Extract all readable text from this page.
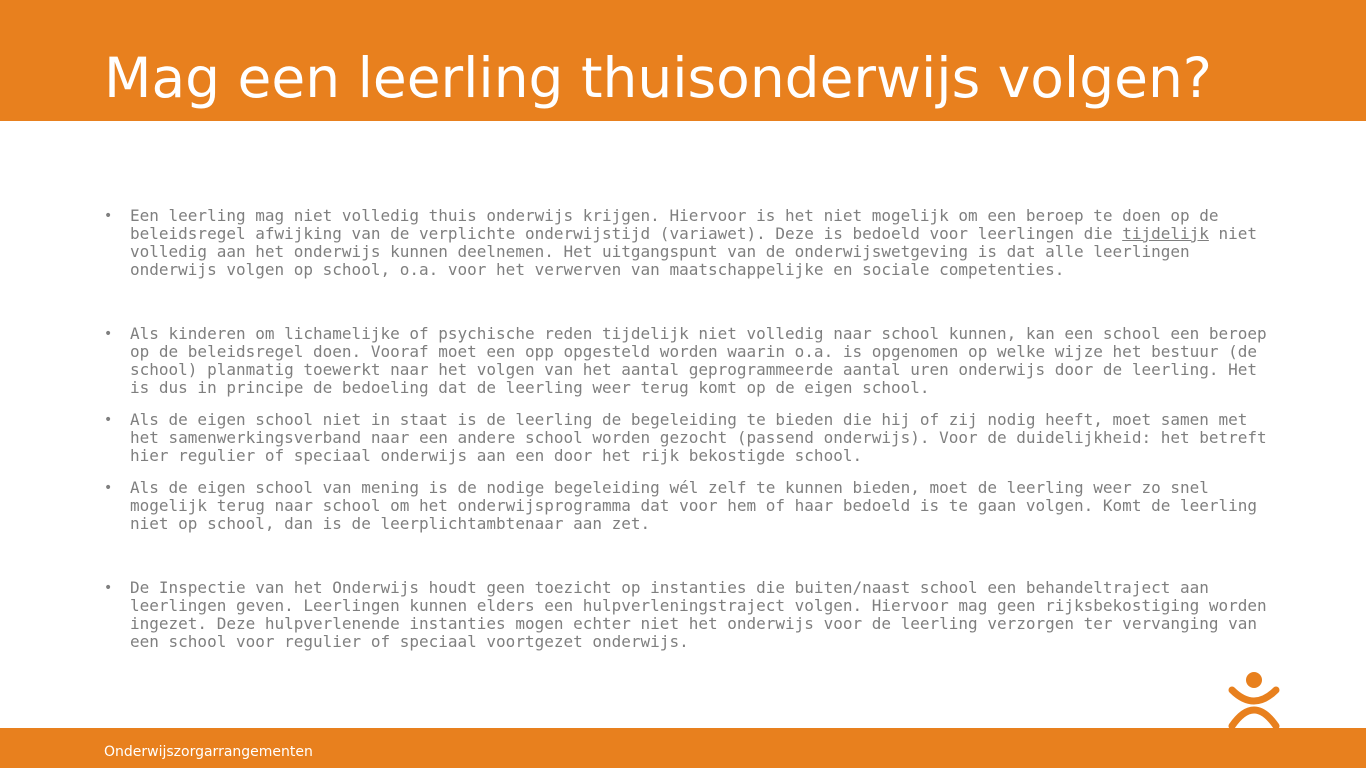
Mag een leerling thuisonderwijs volgen?
• Een leerling mag niet volledig thuis onderwijs krijgen. Hiervoor is het niet mogelijk om een beroep te doen op de beleidsregel afwijking van de verplichte onderwijstijd (variawet). Deze is bedoeld voor leerlingen die tijdelijk niet volledig aan het onderwijs kunnen deelnemen. Het uitgangspunt van de onderwijswetgeving is dat alle leerlingen onderwijs volgen op school, o.a. voor het verwerven van maatschappelijke en sociale competenties.
• Als kinderen om lichamelijke of psychische reden tijdelijk niet volledig naar school kunnen, kan een school een beroep op de beleidsregel doen. Vooraf moet een opp opgesteld worden waarin o.a. is opgenomen op welke wijze het bestuur (de school) planmatig toewerkt naar het volgen van het aantal geprogrammeerde aantal uren onderwijs door de leerling. Het is dus in principe de bedoeling dat de leerling weer terug komt op de eigen school.
• Als de eigen school niet in staat is de leerling de begeleiding te bieden die hij of zij nodig heeft, moet samen met het samenwerkingsverband naar een andere school worden gezocht (passend onderwijs). Voor de duidelijkheid: het betreft hier regulier of speciaal onderwijs aan een door het rijk bekostigde school.
• Als de eigen school van mening is de nodige begeleiding wél zelf te kunnen bieden, moet de leerling weer zo snel mogelijk terug naar school om het onderwijsprogramma dat voor hem of haar bedoeld is te gaan volgen. Komt de leerling niet op school, dan is de leerplichtambtenaar aan zet.
• De Inspectie van het Onderwijs houdt geen toezicht op instanties die buiten/naast school een behandeltraject aan leerlingen geven. Leerlingen kunnen elders een hulpverleningstraject volgen. Hiervoor mag geen rijksbekostiging worden ingezet. Deze hulpverlenende instanties mogen echter niet het onderwijs voor de leerling verzorgen ter vervanging van een school voor regulier of speciaal voortgezet onderwijs.
Onderwijszorgarrangementen
